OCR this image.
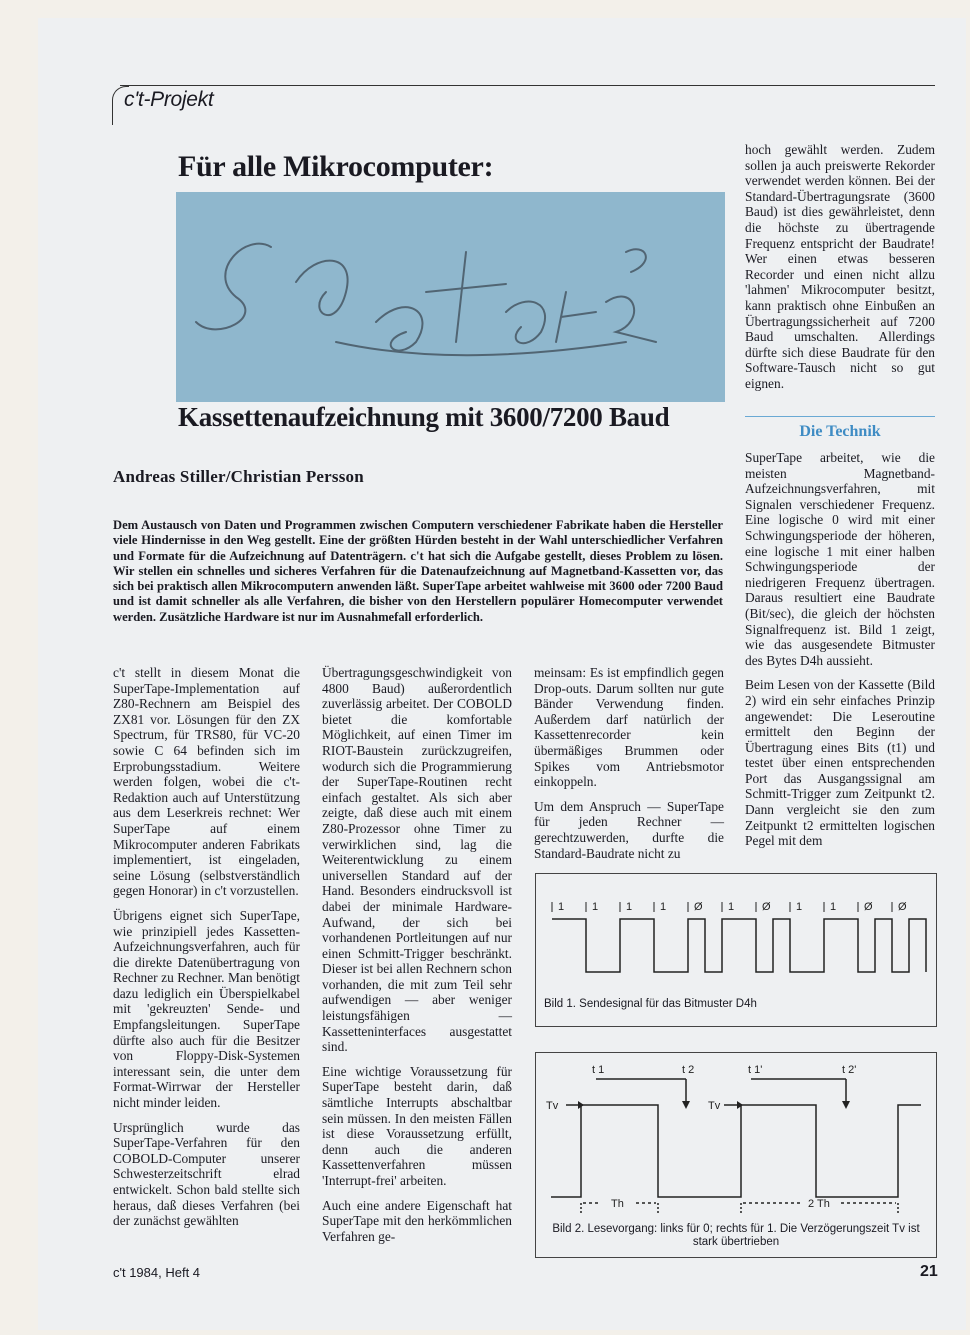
c't-Projekt
Für alle Mikrocomputer:
Kassettenaufzeichnung mit 3600/7200 Baud
Andreas Stiller/Christian Persson
Dem Austausch von Daten und Programmen zwischen Computern verschiedener Fabrikate haben die Hersteller viele Hindernisse in den Weg gestellt. Eine der größten Hürden besteht in der Wahl unterschiedlicher Verfahren und Formate für die Aufzeichnung auf Datenträgern. c't hat sich die Aufgabe gestellt, dieses Problem zu lösen. Wir stellen ein schnelles und sicheres Verfahren für die Datenaufzeichnung auf Magnetband-Kassetten vor, das sich bei praktisch allen Mikrocomputern anwenden läßt. SuperTape arbeitet wahlweise mit 3600 oder 7200 Baud und ist damit schneller als alle Verfahren, die bisher von den Herstellern populärer Homecomputer verwendet werden. Zusätzliche Hardware ist nur im Ausnahmefall erforderlich.

c't stellt in diesem Monat die SuperTape-Implementation auf Z80-Rechnern am Beispiel des ZX81 vor. Lösungen für den ZX Spectrum, für TRS80, für VC-20 sowie C 64 befinden sich im Erprobungsstadium. Weitere werden folgen, wobei die c't-Redaktion auch auf Unterstützung aus dem Leserkreis rechnet: Wer SuperTape auf einem Mikrocomputer anderen Fabrikats implementiert, ist eingeladen, seine Lösung (selbstverständlich gegen Honorar) in c't vorzustellen.

Übrigens eignet sich SuperTape, wie prinzipiell jedes Kassetten-Aufzeichnungsverfahren, auch für die direkte Datenübertragung von Rechner zu Rechner. Man benötigt dazu lediglich ein Überspielkabel mit 'gekreuzten' Sende- und Empfangsleitungen. SuperTape dürfte also auch für die Besitzer von Floppy-Disk-Systemen interessant sein, die unter dem Format-Wirrwar der Hersteller nicht minder leiden.

Ursprünglich wurde das SuperTape-Verfahren für den COBOLD-Computer unserer Schwesterzeitschrift elrad entwickelt. Schon bald stellte sich heraus, daß dieses Verfahren (bei der zunächst gewählten

Übertragungsgeschwindigkeit von 4800 Baud) außerordentlich zuverlässig arbeitet. Der COBOLD bietet die komfortable Möglichkeit, auf einen Timer im RIOT-Baustein zurückzugreifen, wodurch sich die Programmierung der SuperTape-Routinen recht einfach gestaltet. Als sich aber zeigte, daß diese auch mit einem Z80-Prozessor ohne Timer zu verwirklichen sind, lag die Weiterentwicklung zu einem universellen Standard auf der Hand. Besonders eindrucksvoll ist dabei der minimale Hardware-Aufwand, der sich bei vorhandenen Portleitungen auf nur einen Schmitt-Trigger beschränkt. Dieser ist bei allen Rechnern schon vorhanden, die mit zum Teil sehr aufwendigen — aber weniger leistungsfähigen — Kassetteninterfaces ausgestattet sind.

Eine wichtige Voraussetzung für SuperTape besteht darin, daß sämtliche Interrupts abschaltbar sein müssen. In den meisten Fällen ist diese Voraussetzung erfüllt, denn auch die anderen Kassettenverfahren müssen 'Interrupt-frei' arbeiten.

Auch eine andere Eigenschaft hat SuperTape mit den herkömmlichen Verfahren ge-

meinsam: Es ist empfindlich gegen Drop-outs. Darum sollten nur gute Bänder Verwendung finden. Außerdem darf natürlich der Kassettenrecorder kein übermäßiges Brummen oder Spikes vom Antriebsmotor einkoppeln.

Um dem Anspruch — SuperTape für jeden Rechner — gerechtzuwerden, durfte die Standard-Baudrate nicht zu

hoch gewählt werden. Zudem sollen ja auch preiswerte Rekorder verwendet werden können. Bei der Standard-Übertragungsrate (3600 Baud) ist dies gewährleistet, denn die höchste zu übertragende Frequenz entspricht der Baudrate! Wer einen etwas besseren Recorder und einen nicht allzu 'lahmen' Mikrocomputer besitzt, kann praktisch ohne Einbußen an Übertragungssicherheit auf 7200 Baud umschalten. Allerdings dürfte sich diese Baudrate für den Software-Tausch nicht so gut eignen.

Die Technik

SuperTape arbeitet, wie die meisten Magnetband-Aufzeichnungsverfahren, mit Signalen verschiedener Frequenz. Eine logische 0 wird mit einer Schwingungsperiode der höheren, eine logische 1 mit einer halben Schwingungsperiode der niedrigeren Frequenz übertragen. Daraus resultiert eine Baudrate (Bit/sec), die gleich der höchsten Signalfrequenz ist. Bild 1 zeigt, wie das ausgesendete Bitmuster des Bytes D4h aussieht.

Beim Lesen von der Kassette (Bild 2) wird ein sehr einfaches Prinzip angewendet: Die Leseroutine ermittelt den Beginn der Übertragung eines Bits (t1) und testet über einen entsprechenden Port das Ausgangssignal am Schmitt-Trigger zum Zeitpunkt t2. Dann vergleicht sie den zum Zeitpunkt t2 ermittelten logischen Pegel mit dem

1	1	1	1	Ø 1	Ø 1	1	Ø Ø
Bild 1. Sendesignal für das Bitmuster D4h
t 1	t 2	t 1'	t 2'
Tv	Tv
Th	2 Th
Bild 2. Lesevorgang: links für 0; rechts für 1. Die Verzögerungszeit Tv ist stark übertrieben
c't 1984, Heft 4	21
